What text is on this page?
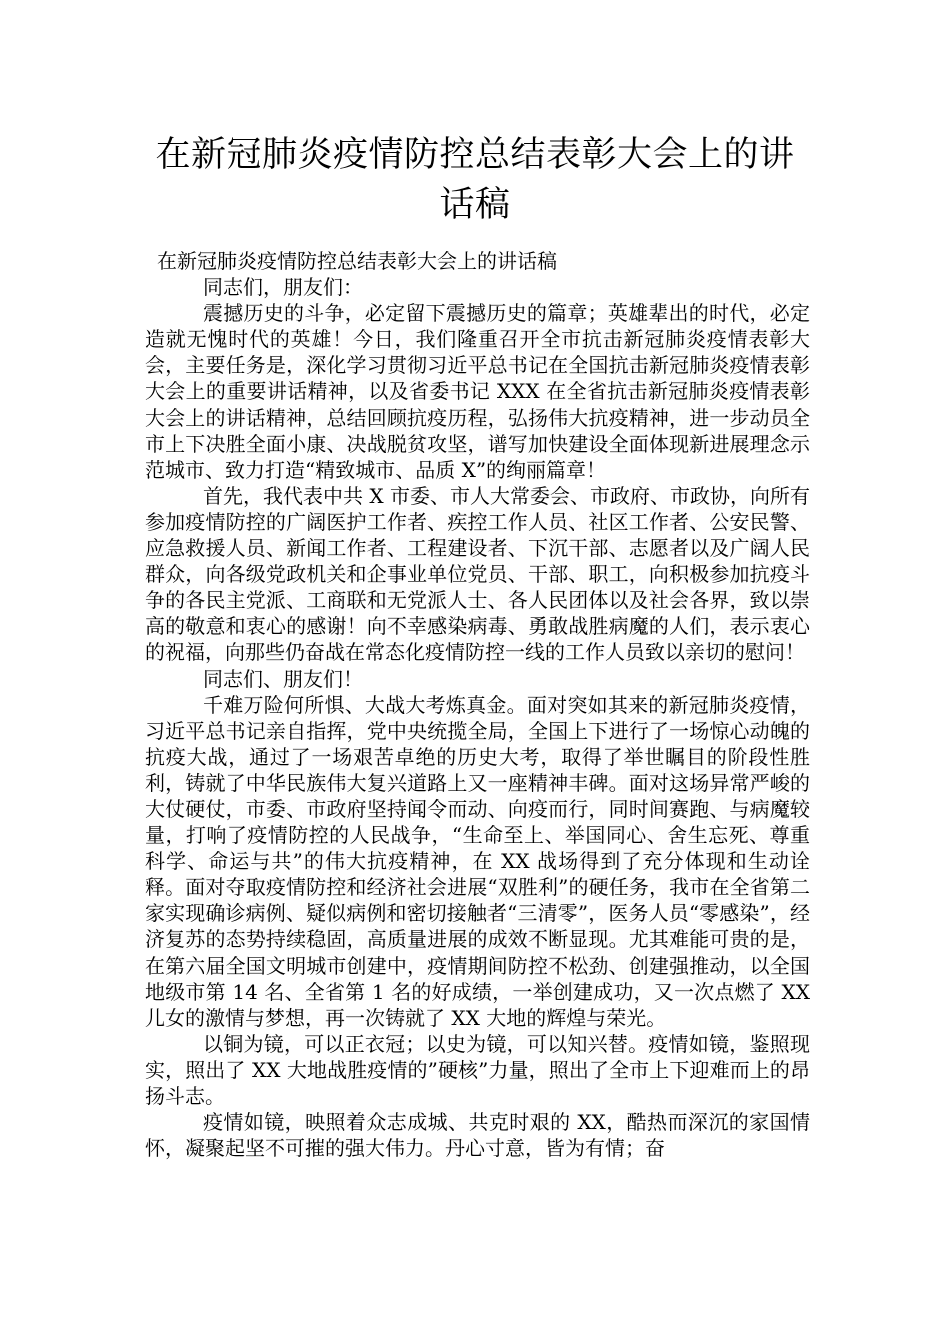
在新冠肺炎疫情防控总结表彰大会上的讲
话稿

在新冠肺炎疫情防控总结表彰大会上的讲话稿

同志们，朋友们：

震撼历史的斗争，必定留下震撼历史的篇章；英雄辈出的时代，必定造就无愧时代的英雄！今日，我们隆重召开全市抗击新冠肺炎疫情表彰大会，主要任务是，深化学习贯彻习近平总书记在全国抗击新冠肺炎疫情表彰大会上的重要讲话精神，以及省委书记 XXX 在全省抗击新冠肺炎疫情表彰大会上的讲话精神，总结回顾抗疫历程，弘扬伟大抗疫精神，进一步动员全市上下决胜全面小康、决战脱贫攻坚，谱写加快建设全面体现新进展理念示范城市、致力打造“精致城市、品质 X”的绚丽篇章！

首先，我代表中共 X 市委、市人大常委会、市政府、市政协，向所有参加疫情防控的广阔医护工作者、疾控工作人员、社区工作者、公安民警、应急救援人员、新闻工作者、工程建设者、下沉干部、志愿者以及广阔人民群众，向各级党政机关和企事业单位党员、干部、职工，向积极参加抗疫斗争的各民主党派、工商联和无党派人士、各人民团体以及社会各界，致以崇高的敬意和衷心的感谢！向不幸感染病毒、勇敢战胜病魔的人们，表示衷心的祝福，向那些仍奋战在常态化疫情防控一线的工作人员致以亲切的慰问！

同志们、朋友们！

千难万险何所惧、大战大考炼真金。面对突如其来的新冠肺炎疫情，习近平总书记亲自指挥，党中央统揽全局，全国上下进行了一场惊心动魄的抗疫大战，通过了一场艰苦卓绝的历史大考，取得了举世瞩目的阶段性胜利，铸就了中华民族伟大复兴道路上又一座精神丰碑。面对这场异常严峻的大仗硬仗，市委、市政府坚持闻令而动、向疫而行，同时间赛跑、与病魔较量，打响了疫情防控的人民战争，“生命至上、举国同心、舍生忘死、尊重科学、命运与共”的伟大抗疫精神，在 XX 战场得到了充分体现和生动诠释。面对夺取疫情防控和经济社会进展“双胜利”的硬任务，我市在全省第二家实现确诊病例、疑似病例和密切接触者“三清零”，医务人员“零感染”，经济复苏的态势持续稳固，高质量进展的成效不断显现。尤其难能可贵的是，在第六届全国文明城市创建中，疫情期间防控不松劲、创建强推动，以全国地级市第 14 名、全省第 1 名的好成绩，一举创建成功，又一次点燃了 XX 儿女的激情与梦想，再一次铸就了 XX 大地的辉煌与荣光。

以铜为镜，可以正衣冠；以史为镜，可以知兴替。疫情如镜，鉴照现实，照出了 XX 大地战胜疫情的”硬核”力量，照出了全市上下迎难而上的昂扬斗志。

疫情如镜，映照着众志成城、共克时艰的 XX，酷热而深沉的家国情怀，凝聚起坚不可摧的强大伟力。丹心寸意，皆为有情；奋
